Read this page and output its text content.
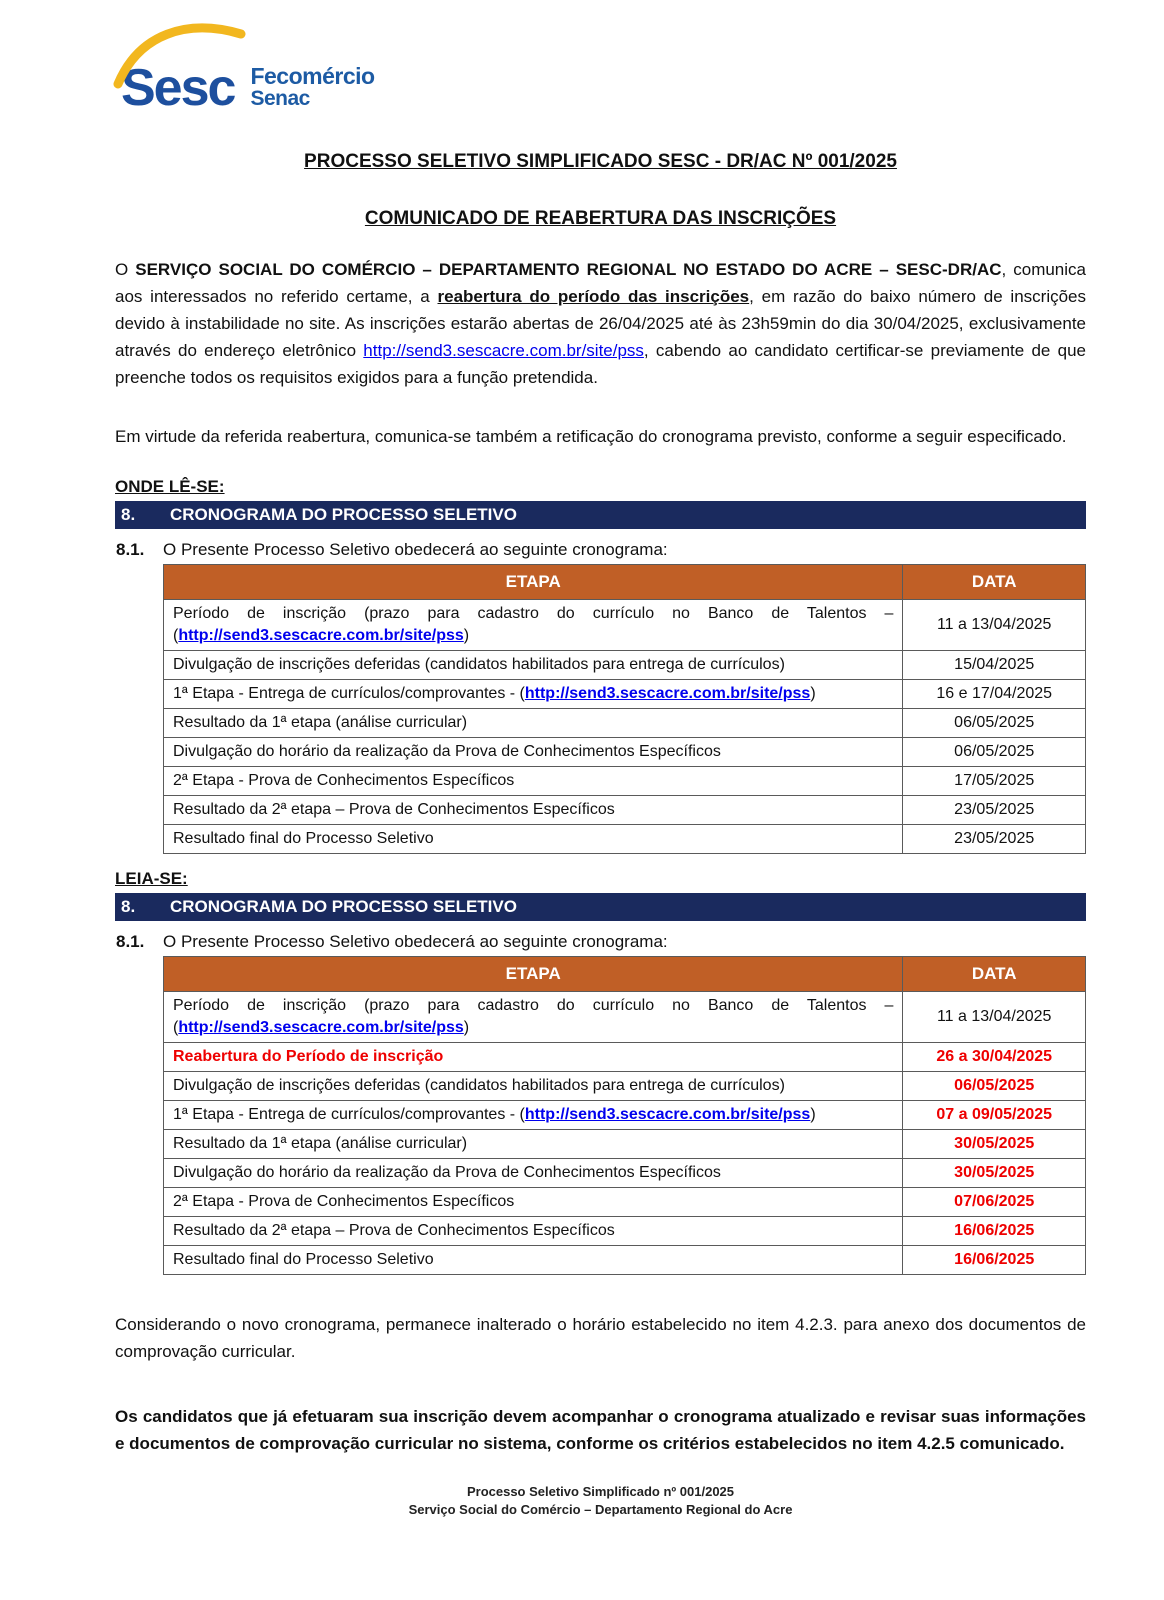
Sesc Fecomércio
Senac
PROCESSO SELETIVO SIMPLIFICADO SESC - DR/AC Nº 001/2025
COMUNICADO DE REABERTURA DAS INSCRIÇÕES

O SERVIÇO SOCIAL DO COMÉRCIO – DEPARTAMENTO REGIONAL NO ESTADO DO ACRE – SESC-DR/AC, comunica aos interessados no referido certame, a reabertura do período das inscrições, em razão do baixo número de inscrições devido à instabilidade no site. As inscrições estarão abertas de 26/04/2025 até às 23h59min do dia 30/04/2025, exclusivamente através do endereço eletrônico http://send3.sescacre.com.br/site/pss, cabendo ao candidato certificar-se previamente de que preenche todos os requisitos exigidos para a função pretendida.

Em virtude da referida reabertura, comunica-se também a retificação do cronograma previsto, conforme a seguir especificado.

ONDE LÊ-SE:
8.	CRONOGRAMA DO PROCESSO SELETIVO
8.1.	O Presente Processo Seletivo obedecerá ao seguinte cronograma:
ETAPA	DATA
Período de inscrição (prazo para cadastro do currículo no Banco de Talentos – (http://send3.sescacre.com.br/site/pss)	11 a 13/04/2025
Divulgação de inscrições deferidas (candidatos habilitados para entrega de currículos)	15/04/2025
1ª Etapa - Entrega de currículos/comprovantes - (http://send3.sescacre.com.br/site/pss)	16 e 17/04/2025
Resultado da 1ª etapa (análise curricular)	06/05/2025
Divulgação do horário da realização da Prova de Conhecimentos Específicos	06/05/2025
2ª Etapa - Prova de Conhecimentos Específicos	17/05/2025
Resultado da 2ª etapa – Prova de Conhecimentos Específicos	23/05/2025
Resultado final do Processo Seletivo	23/05/2025
LEIA-SE:
8.	CRONOGRAMA DO PROCESSO SELETIVO
8.1.	O Presente Processo Seletivo obedecerá ao seguinte cronograma:
ETAPA	DATA
Período de inscrição (prazo para cadastro do currículo no Banco de Talentos – (http://send3.sescacre.com.br/site/pss)	11 a 13/04/2025
Reabertura do Período de inscrição	26 a 30/04/2025
Divulgação de inscrições deferidas (candidatos habilitados para entrega de currículos)	06/05/2025
1ª Etapa - Entrega de currículos/comprovantes - (http://send3.sescacre.com.br/site/pss)	07 a 09/05/2025
Resultado da 1ª etapa (análise curricular)	30/05/2025
Divulgação do horário da realização da Prova de Conhecimentos Específicos	30/05/2025
2ª Etapa - Prova de Conhecimentos Específicos	07/06/2025
Resultado da 2ª etapa – Prova de Conhecimentos Específicos	16/06/2025
Resultado final do Processo Seletivo	16/06/2025

Considerando o novo cronograma, permanece inalterado o horário estabelecido no item 4.2.3. para anexo dos documentos de comprovação curricular.

Os candidatos que já efetuaram sua inscrição devem acompanhar o cronograma atualizado e revisar suas informações e documentos de comprovação curricular no sistema, conforme os critérios estabelecidos no item 4.2.5 comunicado.

Processo Seletivo Simplificado nº 001/2025
Serviço Social do Comércio – Departamento Regional do Acre
